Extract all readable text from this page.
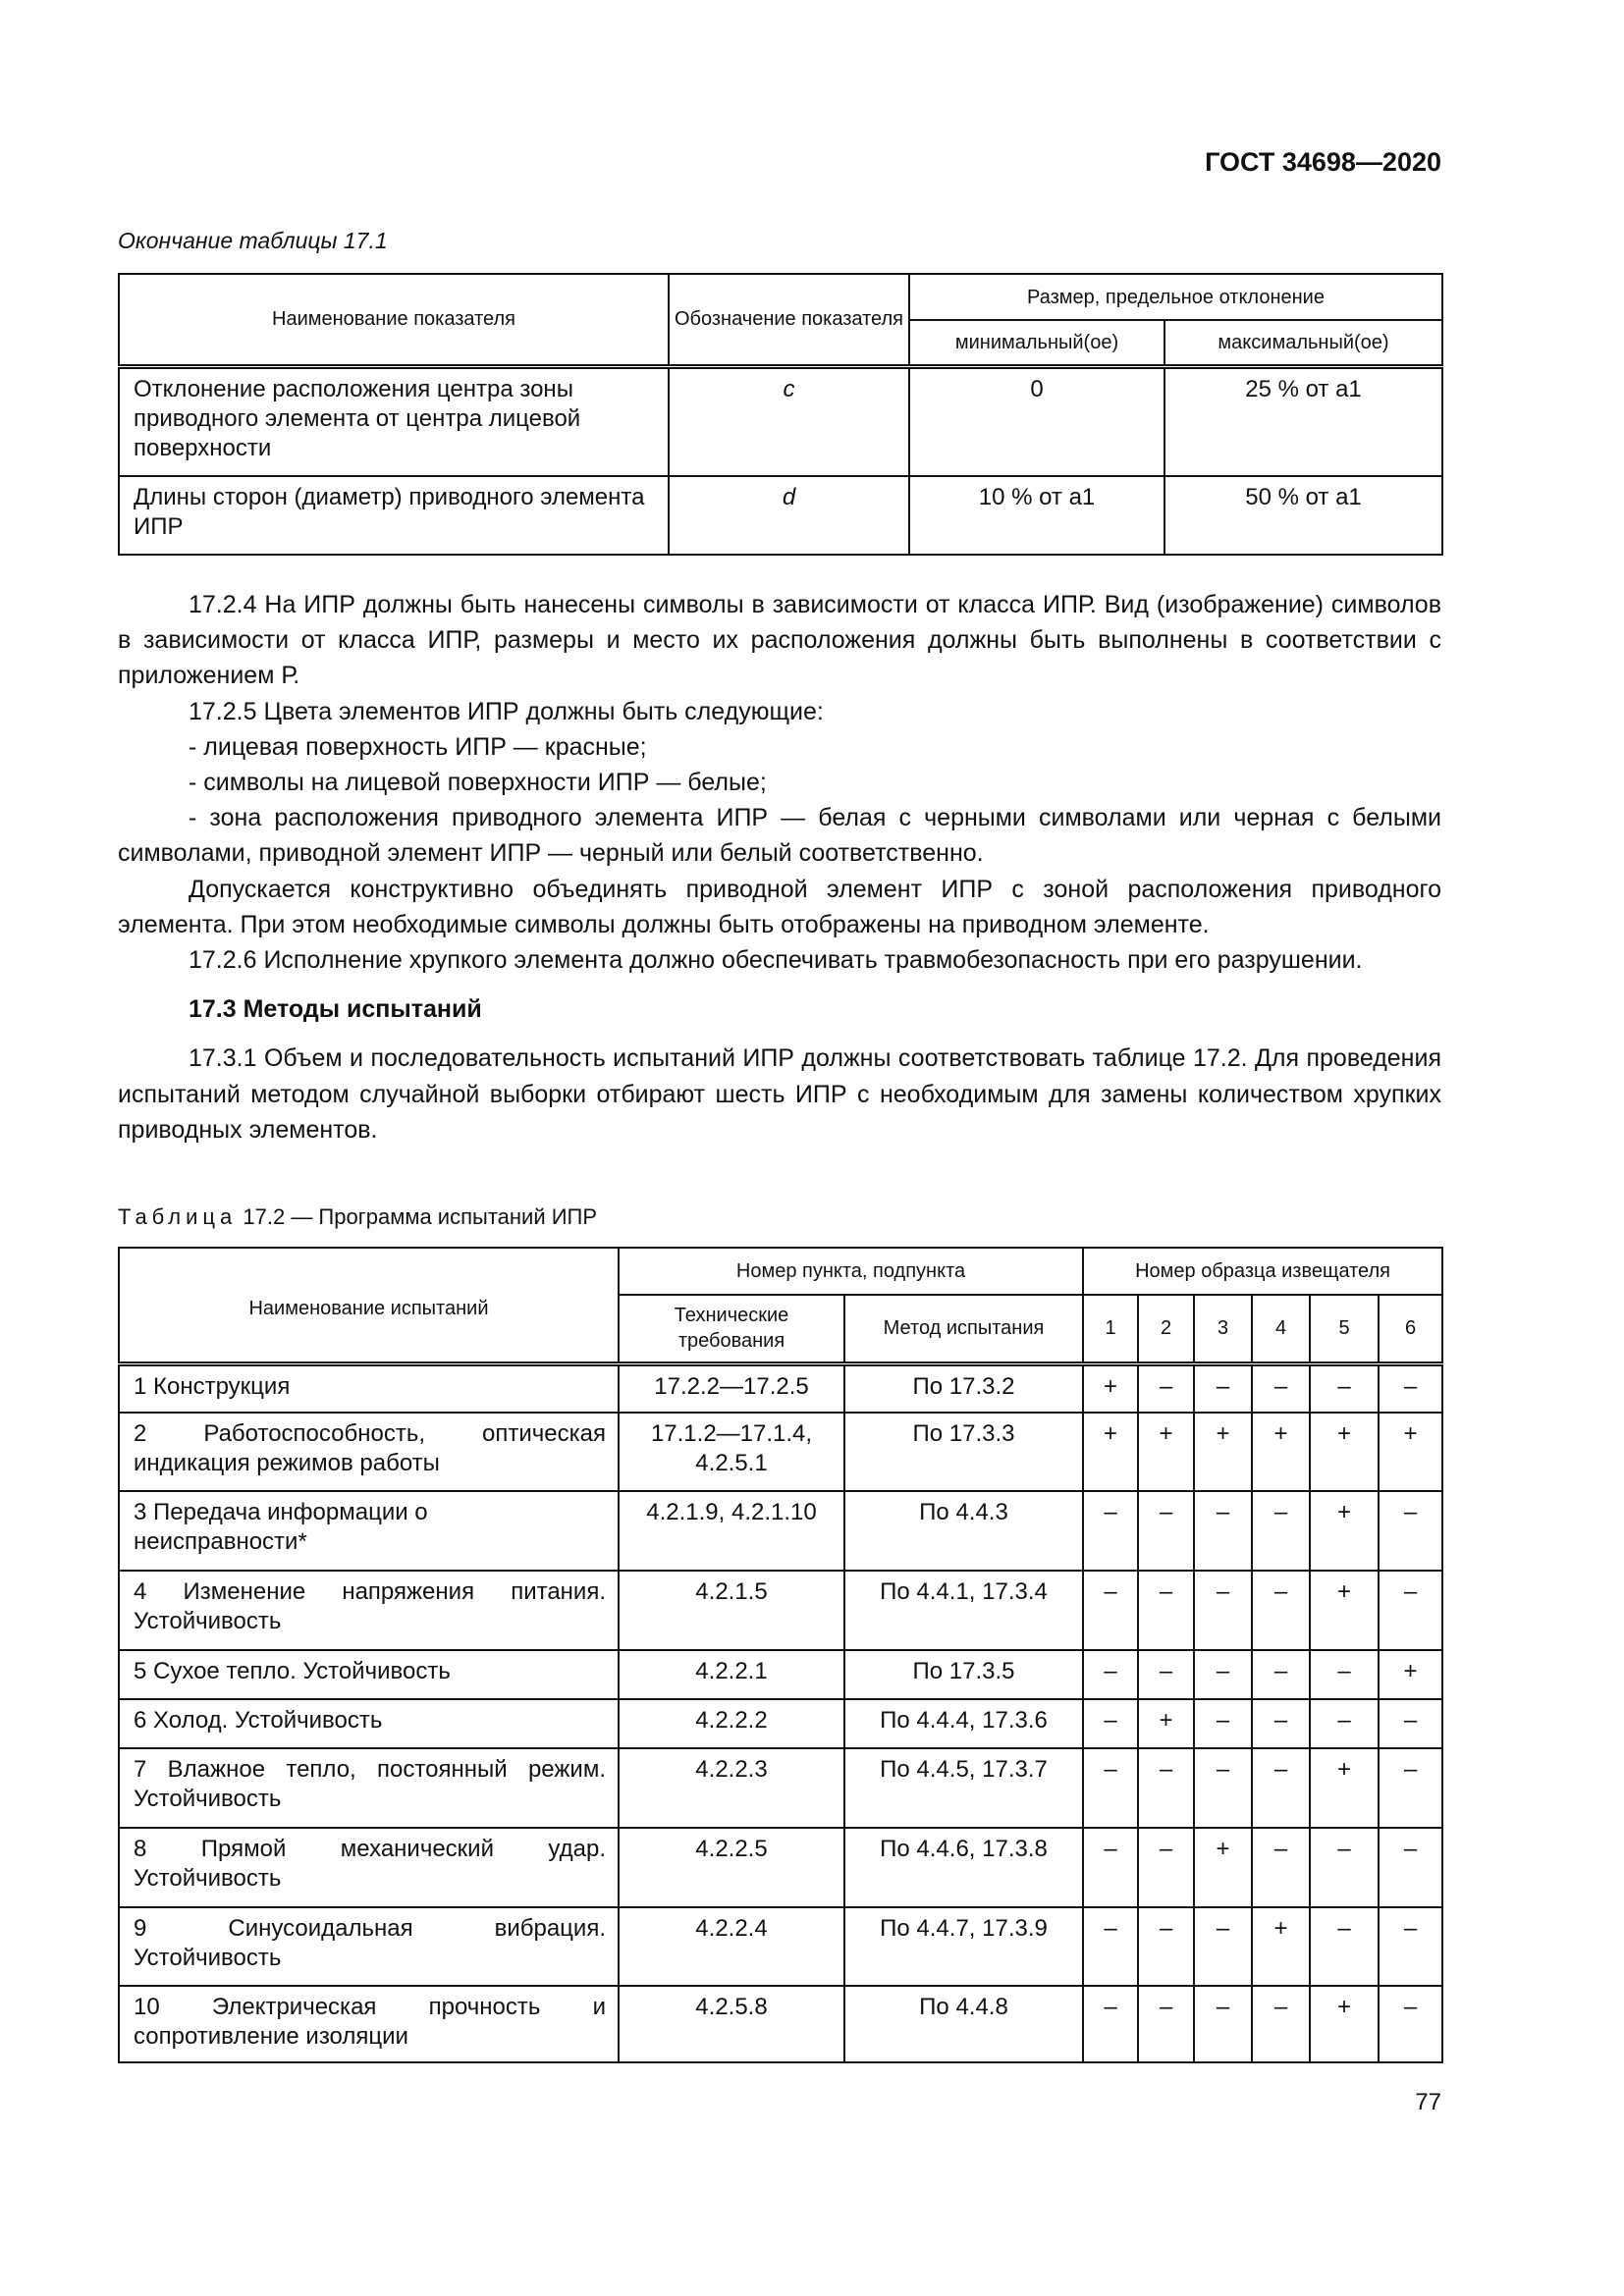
ГОСТ 34698—2020
Окончание таблицы 17.1
Наименование показателя	Обозначение показателя	Размер, предельное отклонение	
		минимальный(ое)	максимальный(ое)
Отклонение расположения центра зоны приводного элемента от центра лицевой поверхности	c	0	25 % от a1
Длины сторон (диаметр) приводного элемента ИПР	d	10 % от a1	50 % от a1

17.2.4 На ИПР должны быть нанесены символы в зависимости от класса ИПР. Вид (изображение) символов в зависимости от класса ИПР, размеры и место их расположения должны быть выполнены в соответствии с приложением Р.

17.2.5 Цвета элементов ИПР должны быть следующие:

- лицевая поверхность ИПР — красные;

- символы на лицевой поверхности ИПР — белые;

- зона расположения приводного элемента ИПР — белая с черными символами или черная с белыми символами, приводной элемент ИПР — черный или белый соответственно.

Допускается конструктивно объединять приводной элемент ИПР с зоной расположения приводного элемента. При этом необходимые символы должны быть отображены на приводном элементе.

17.2.6 Исполнение хрупкого элемента должно обеспечивать травмобезопасность при его разрушении.

17.3 Методы испытаний

17.3.1 Объем и последовательность испытаний ИПР должны соответствовать таблице 17.2. Для проведения испытаний методом случайной выборки отбирают шесть ИПР с необходимым для замены количеством хрупких приводных элементов.

Таблица 17.2 — Программа испытаний ИПР
Наименование испытаний	Номер пункта, подпункта		Номер образца извещателя					
	Технические требования	Метод испытания	1	2	3	4	5	6
1 Конструкция	17.2.2—17.2.5	По 17.3.2	+	–	–	–	–	–
2 Работоспособность, оптическая индикация режимов работы	17.1.2—17.1.4, 4.2.5.1	По 17.3.3	+	+	+	+	+	+
3 Передача информации о неисправности*	4.2.1.9, 4.2.1.10	По 4.4.3	–	–	–	–	+	–
4 Изменение напряжения питания. Устойчивость	4.2.1.5	По 4.4.1, 17.3.4	–	–	–	–	+	–
5 Сухое тепло. Устойчивость	4.2.2.1	По 17.3.5	–	–	–	–	–	+
6 Холод. Устойчивость	4.2.2.2	По 4.4.4, 17.3.6	–	+	–	–	–	–
7 Влажное тепло, постоянный режим. Устойчивость	4.2.2.3	По 4.4.5, 17.3.7	–	–	–	–	+	–
8 Прямой механический удар. Устойчивость	4.2.2.5	По 4.4.6, 17.3.8	–	–	+	–	–	–
9 Синусоидальная вибрация. Устойчивость	4.2.2.4	По 4.4.7, 17.3.9	–	–	–	+	–	–
10 Электрическая прочность и сопротивление изоляции	4.2.5.8	По 4.4.8	–	–	–	–	+	–
77
